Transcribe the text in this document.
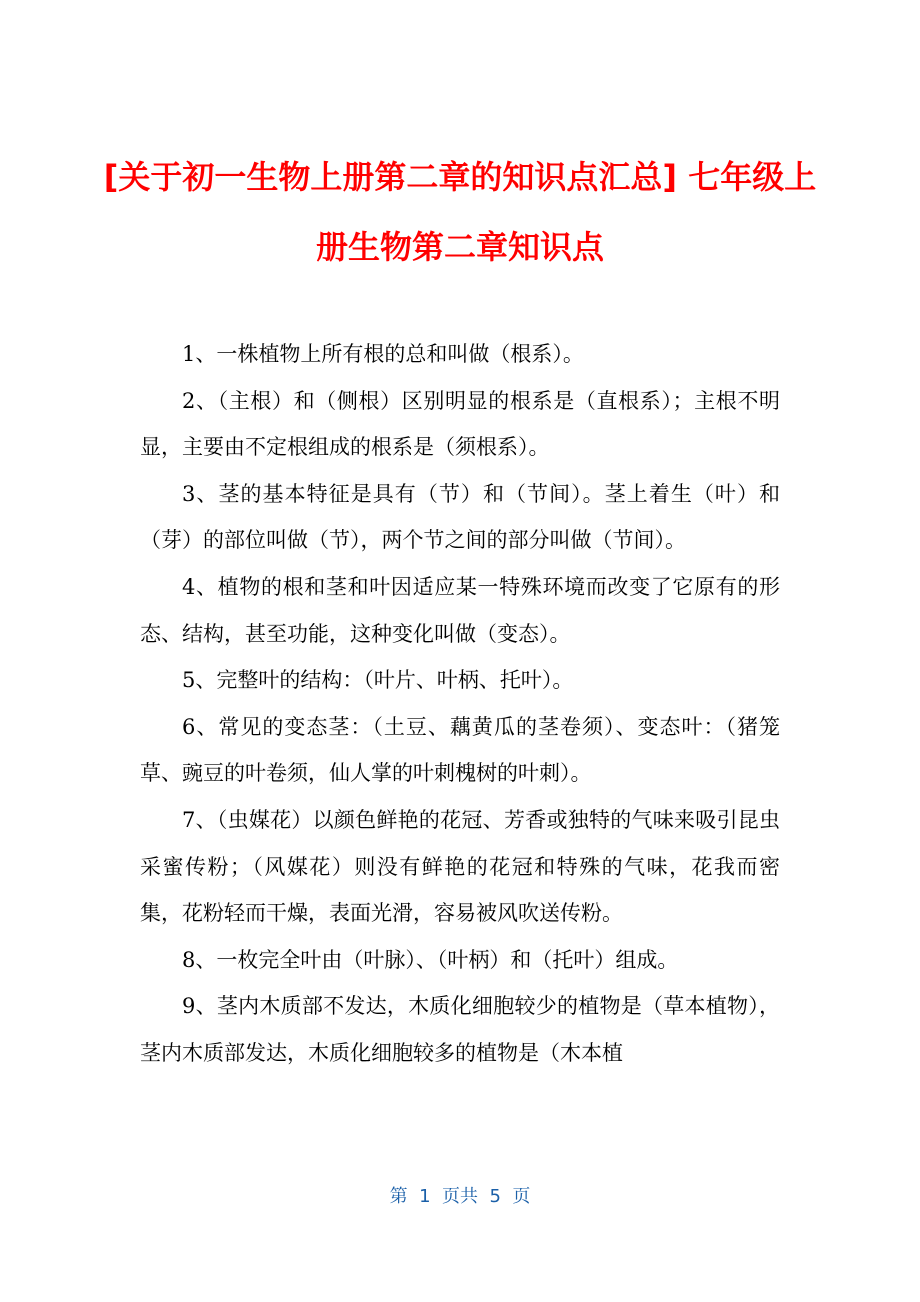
[关于初一生物上册第二章的知识点汇总] 七年级上册生物第二章知识点

1、一株植物上所有根的总和叫做（根系）。

2、（主根）和（侧根）区别明显的根系是（直根系）；主根不明显，主要由不定根组成的根系是（须根系）。

3、茎的基本特征是具有（节）和（节间）。茎上着生（叶）和（芽）的部位叫做（节），两个节之间的部分叫做（节间）。

4、植物的根和茎和叶因适应某一特殊环境而改变了它原有的形态、结构，甚至功能，这种变化叫做（变态）。

5、完整叶的结构：（叶片、叶柄、托叶）。

6、常见的变态茎：（土豆、藕黄瓜的茎卷须）、变态叶：（猪笼草、豌豆的叶卷须，仙人掌的叶刺槐树的叶刺）。

7、（虫媒花）以颜色鲜艳的花冠、芳香或独特的气味来吸引昆虫采蜜传粉；（风媒花）则没有鲜艳的花冠和特殊的气味，花我而密集，花粉轻而干燥，表面光滑，容易被风吹送传粉。

8、一枚完全叶由（叶脉）、（叶柄）和（托叶）组成。

9、茎内木质部不发达，木质化细胞较少的植物是（草本植物），茎内木质部发达，木质化细胞较多的植物是（木本植

第  1  页共  5  页
